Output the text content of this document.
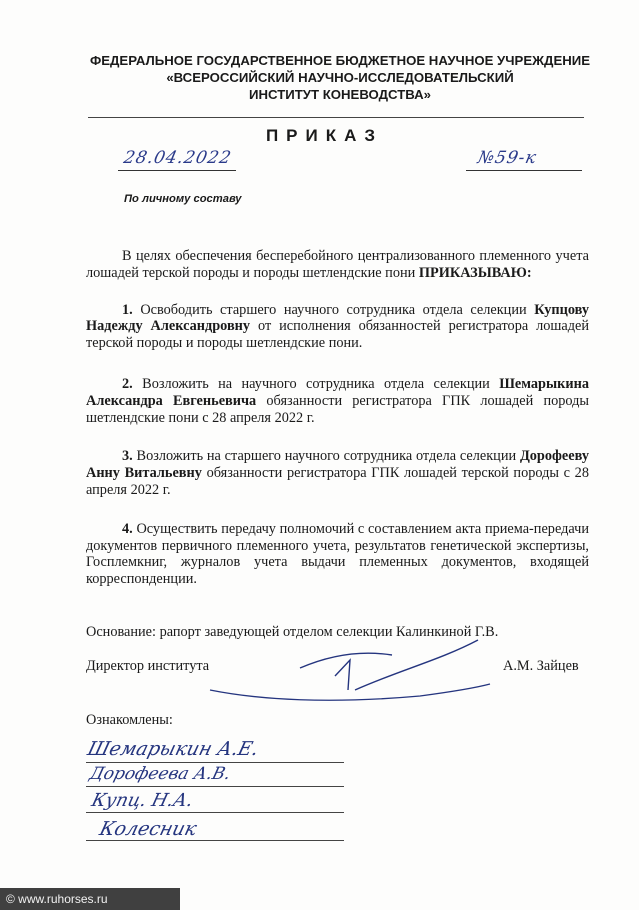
ФЕДЕРАЛЬНОЕ ГОСУДАРСТВЕННОЕ БЮДЖЕТНОЕ НАУЧНОЕ УЧРЕЖДЕНИЕ
«ВСЕРОССИЙСКИЙ НАУЧНО-ИССЛЕДОВАТЕЛЬСКИЙ
ИНСТИТУТ КОНЕВОДСТВА»
ПРИКАЗ
28.04.2022	№59-к
По личному составу

В целях обеспечения бесперебойного централизованного племенного учета лошадей терской породы и породы шетлендские пони ПРИКАЗЫВАЮ:

1. Освободить старшего научного сотрудника отдела селекции Купцову Надежду Александровну от исполнения обязанностей регистратора лошадей терской породы и породы шетлендские пони.

2. Возложить на научного сотрудника отдела селекции Шемарыкина Александра Евгеньевича обязанности регистратора ГПК лошадей породы шетлендские пони с 28 апреля 2022 г.

3. Возложить на старшего научного сотрудника отдела селекции Дорофееву Анну Витальевну обязанности регистратора ГПК лошадей терской породы с 28 апреля 2022 г.

4. Осуществить передачу полномочий с составлением акта приема-передачи документов первичного племенного учета, результатов генетической экспертизы, Госплемкниг, журналов учета выдачи племенных документов, входящей корреспонденции.

Основание: рапорт заведующей отделом селекции Калинкиной Г.В.
Директор института	А.М. Зайцев
Ознакомлены:
Шемарыкин А.Е.
Дорофеева А.В.
Купц. Н.А.
Колесник
© www.ruhorses.ru
